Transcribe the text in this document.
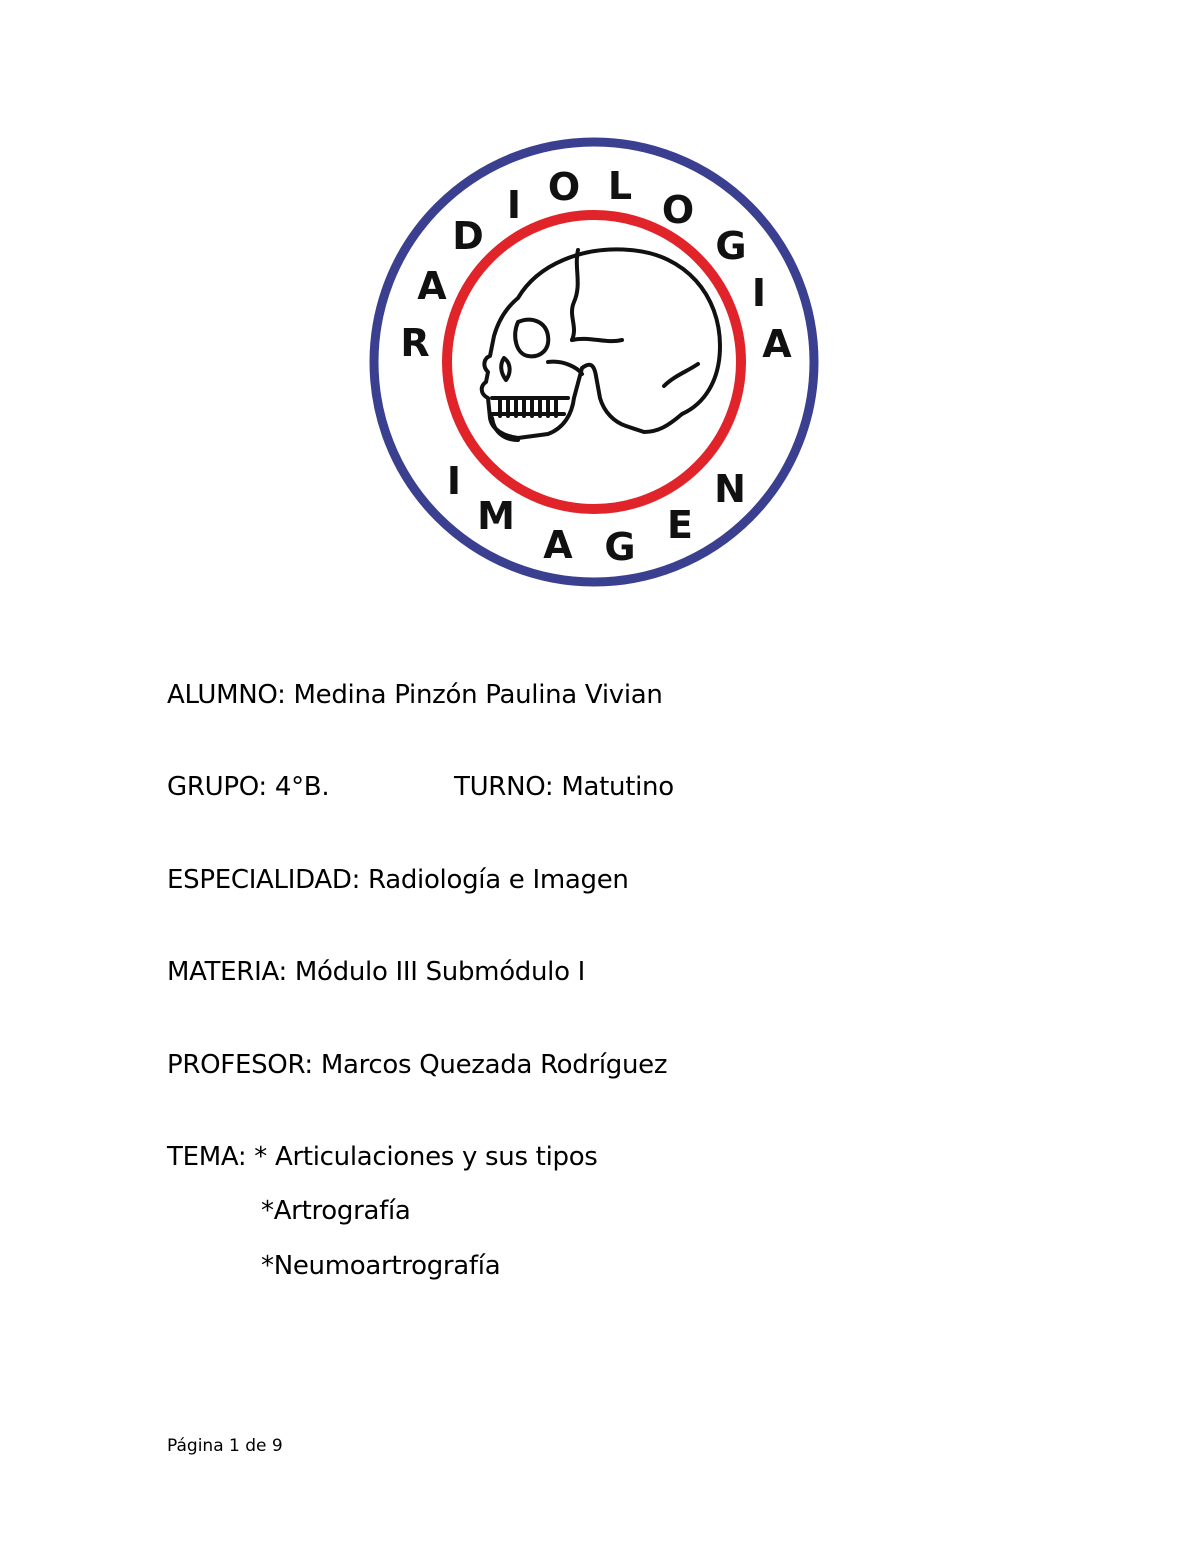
R
A
D
I O L
O
G
I
A
I
M
A G E
N
ALUMNO: Medina Pinzón Paulina Vivian
GRUPO: 4°B.	TURNO: Matutino
ESPECIALIDAD: Radiología e Imagen
MATERIA: Módulo III Submódulo I
PROFESOR: Marcos Quezada Rodríguez
TEMA: * Articulaciones y sus tipos
*Artrografía
*Neumoartrografía
Página 1 de 9
